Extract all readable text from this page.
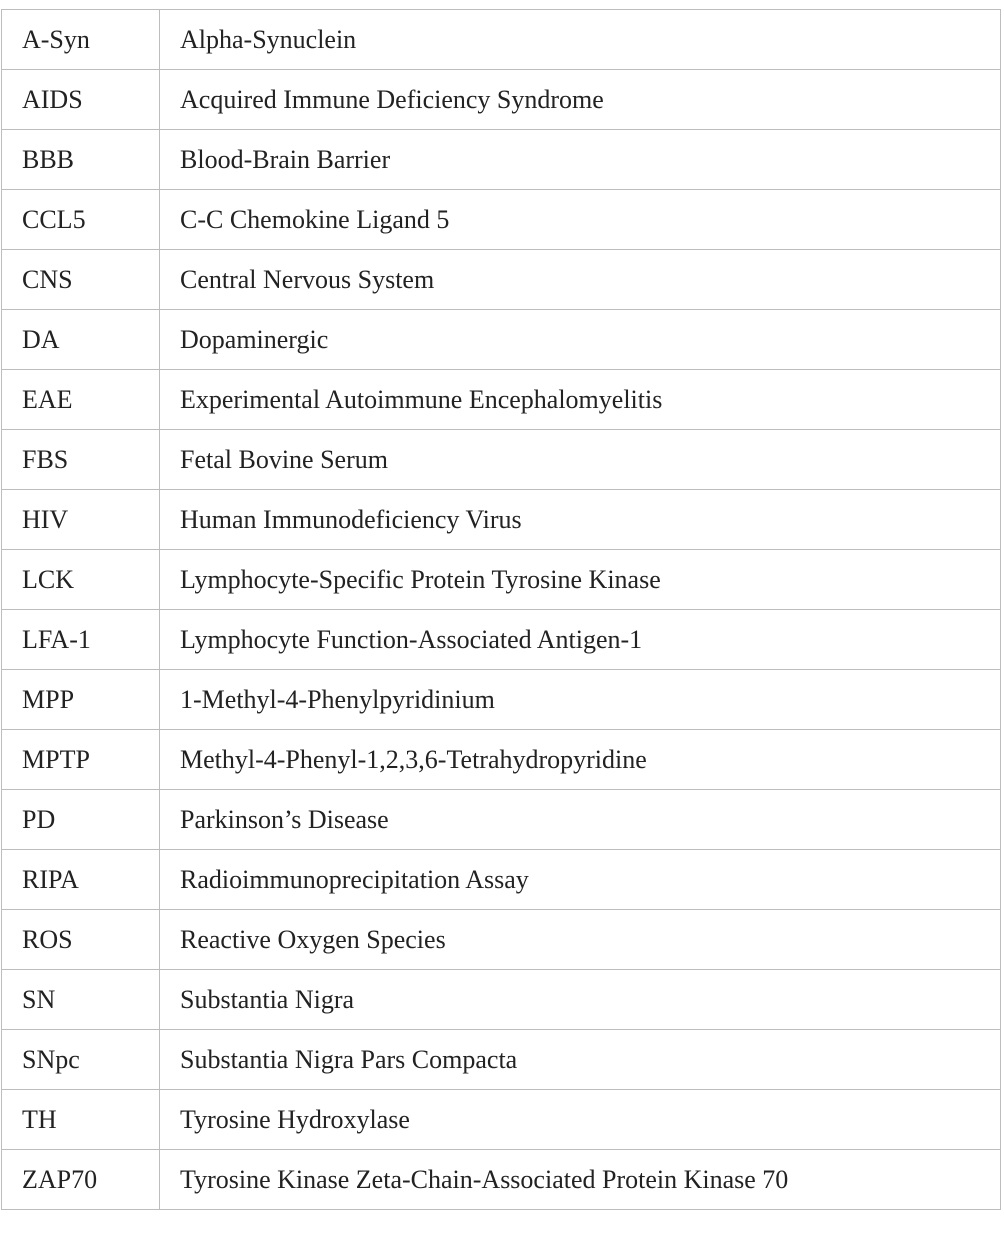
A-Syn	Alpha-Synuclein
AIDS	Acquired Immune Deficiency Syndrome
BBB	Blood-Brain Barrier
CCL5	C-C Chemokine Ligand 5
CNS	Central Nervous System
DA	Dopaminergic
EAE	Experimental Autoimmune Encephalomyelitis
FBS	Fetal Bovine Serum
HIV	Human Immunodeficiency Virus
LCK	Lymphocyte-Specific Protein Tyrosine Kinase
LFA-1	Lymphocyte Function-Associated Antigen-1
MPP	1-Methyl-4-Phenylpyridinium
MPTP	Methyl-4-Phenyl-1,2,3,6-Tetrahydropyridine
PD	Parkinson’s Disease
RIPA	Radioimmunoprecipitation Assay
ROS	Reactive Oxygen Species
SN	Substantia Nigra
SNpc	Substantia Nigra Pars Compacta
TH	Tyrosine Hydroxylase
ZAP70	Tyrosine Kinase Zeta-Chain-Associated Protein Kinase 70
